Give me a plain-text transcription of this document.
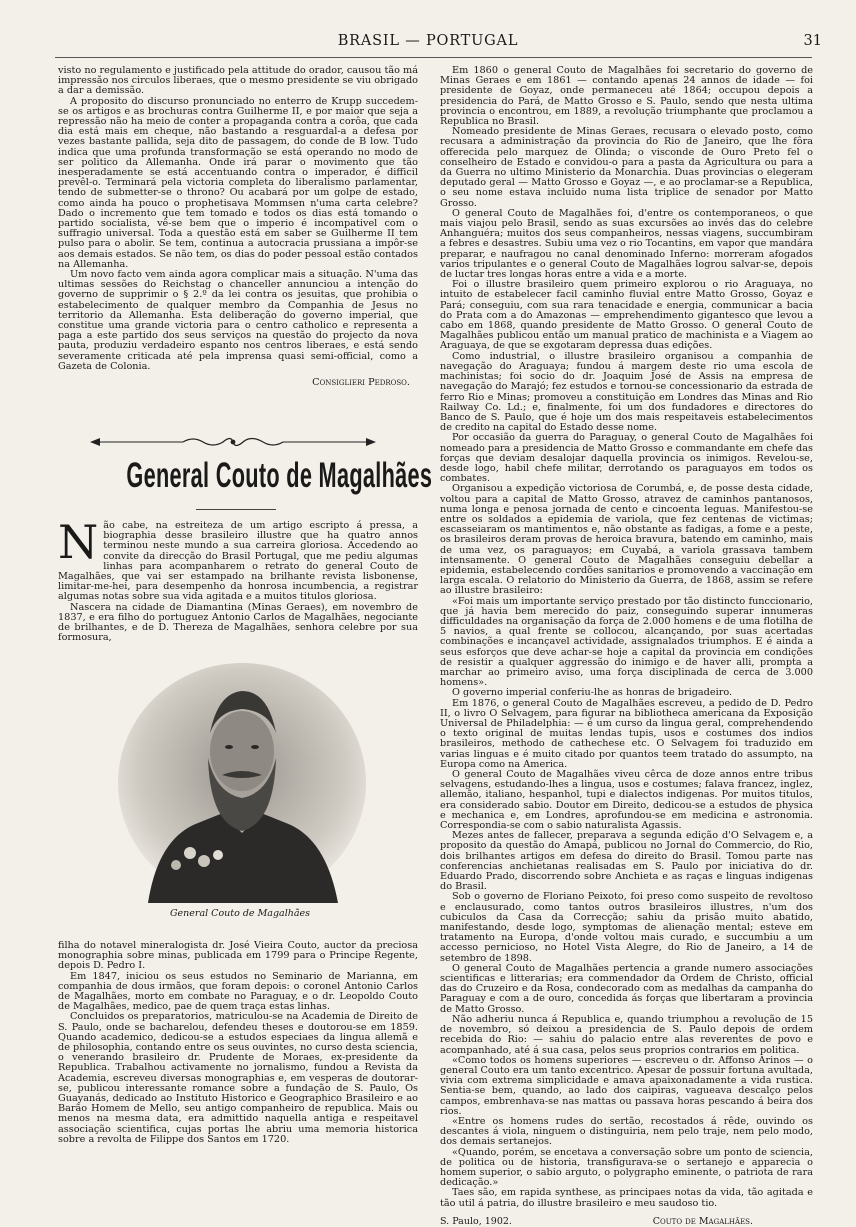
BRASIL — PORTUGAL	31

visto no regulamento e justificado pela attitude do orador, causou tão má impressão nos circulos liberaes, que o mesmo presidente se viu obrigado a dar a demissão.

A proposito do discurso pronunciado no enterro de Krupp succedem-se os artigos e as brochuras contra Guilherme II, e por maior que seja a repressão não ha meio de conter a propaganda contra a corôa, que cada dia está mais em cheque, não bastando a resguardal-a a defesa por vezes bastante pallida, seja dito de passagem, do conde de B low. Tudo indica que uma profunda transformação se está operando no modo de ser politico da Allemanha. Onde irá parar o movimento que tão inesperadamente se está accentuando contra o imperador, é difficil prevêl-o. Terminará pela victoria completa do liberalismo parlamentar, tendo de submetter-se o throno? Ou acabará por um golpe de estado, como ainda ha pouco o prophetisava Mommsen n'uma carta celebre? Dado o incremento que tem tomado e todos os dias está tomando o partido socialista, vê-se bem que o imperio é incompativel com o suffragio universal. Toda a questão está em saber se Guilherme II tem pulso para o abolir. Se tem, continua a autocracia prussiana a impôr-se aos demais estados. Se não tem, os dias do poder pessoal estão contados na Allemanha.

Um novo facto vem ainda agora complicar mais a situação. N'uma das ultimas sessões do Reichstag o chanceller annunciou a intenção do governo de supprimir o § 2.º da lei contra os jesuitas, que prohibia o estabelecimento de qualquer membro da Companhia de Jesus no territorio da Allemanha. Esta deliberação do governo imperial, que constitue uma grande victoria para o centro catholico e representa a paga a este partido dos seus serviços na questão do projecto da nova pauta, produziu verdadeiro espanto nos centros liberaes, e está sendo severamente criticada até pela imprensa quasi semi-official, como a Gazeta de Colonia.

Consiglieri Pedroso.
General Couto de Magalhães

Não cabe, na estreiteza de um artigo escripto á pressa, a biographia desse brasileiro illustre que ha quatro annos terminou neste mundo a sua carreira gloriosa. Accedendo ao convite da direcção do Brasil Portugal, que me pediu algumas linhas para acompanharem o retrato do general Couto de Magalhães, que vai ser estampado na brilhante revista lisbonense, limitar-me-hei, para desempenho da honrosa incumbencia, a registrar algumas notas sobre sua vida agitada e a muitos titulos gloriosa.

Nascera na cidade de Diamantina (Minas Geraes), em novembro de 1837, e era filho do portuguez Antonio Carlos de Magalhães, negociante de brilhantes, e de D. Thereza de Magalhães, senhora celebre por sua formosura,

General Couto de Magalhães

filha do notavel mineralogista dr. José Vieira Couto, auctor da preciosa monographia sobre minas, publicada em 1799 para o Principe Regente, depois D. Pedro I.

Em 1847, iniciou os seus estudos no Seminario de Marianna, em companhia de dous irmãos, que foram depois: o coronel Antonio Carlos de Magalhães, morto em combate no Paraguay, e o dr. Leopoldo Couto de Magalhães, medico, pae de quem traça estas linhas.

Concluidos os preparatorios, matriculou-se na Academia de Direito de S. Paulo, onde se bacharelou, defendeu theses e doutorou-se em 1859. Quando academico, dedicou-se a estudos especiaes da lingua allemã e de philosophia, contando entre os seus ouvintes, no curso desta sciencia, o venerando brasileiro dr. Prudente de Moraes, ex-presidente da Republica. Trabalhou activamente no jornalismo, fundou a Revista da Academia, escreveu diversas monographias e, em vesperas de doutorar-se, publicou interessante romance sobre a fundação de S. Paulo, Os Guayanás, dedicado ao Instituto Historico e Geographico Brasileiro e ao Barão Homem de Mello, seu antigo companheiro de republica. Mais ou menos na mesma data, era admittido naquella antiga e respeitavel associação scientifica, cujas portas lhe abriu uma memoria historica sobre a revolta de Filippe dos Santos em 1720.

Em 1860 o general Couto de Magalhães foi secretario do governo de Minas Geraes e em 1861 — contando apenas 24 annos de idade — foi presidente de Goyaz, onde permaneceu até 1864; occupou depois a presidencia do Pará, de Matto Grosso e S. Paulo, sendo que nesta ultima provincia o encontrou, em 1889, a revolução triumphante que proclamou a Republica no Brasil.

Nomeado presidente de Minas Geraes, recusara o elevado posto, como recusara a administração da provincia do Rio de Janeiro, que lhe fôra offerecida pelo marquez de Olinda; o visconde de Ouro Preto fel o conselheiro de Estado e convidou-o para a pasta da Agricultura ou para a da Guerra no ultimo Ministerio da Monarchia. Duas provincias o elegeram deputado geral — Matto Grosso e Goyaz —, e ao proclamar-se a Republica, o seu nome estava incluido numa lista triplice de senador por Matto Grosso.

O general Couto de Magalhães foi, d'entre os contemporaneos, o que mais viajou pelo Brasil, sendo as suas excursões ao invés das do celebre Anhanguéra; muitos dos seus companheiros, nessas viagens, succumbiram a febres e desastres. Subiu uma vez o rio Tocantins, em vapor que mandára preparar, e naufragou no canal denominado Inferno: morreram afogados varios tripulantes e o general Couto de Magalhães logrou salvar-se, depois de luctar tres longas horas entre a vida e a morte.

Foi o illustre brasileiro quem primeiro explorou o rio Araguaya, no intuito de estabelecer facil caminho fluvial entre Matto Grosso, Goyaz e Pará; conseguiu, com sua rara tenacidade e energia, communicar a bacia do Prata com a do Amazonas — emprehendimento gigantesco que levou a cabo em 1868, quando presidente de Matto Grosso. O general Couto de Magalhães publicou então um manual pratico de machinista e a Viagem ao Araguaya, de que se exgotaram depressa duas edições.

Como industrial, o illustre brasileiro organisou a companhia de navegação do Araguaya; fundou á margem deste rio uma escola de machinistas; foi socio do dr. Joaquim José de Assis na empresa de navegação do Marajó; fez estudos e tornou-se concessionario da estrada de ferro Rio e Minas; promoveu a constituição em Londres das Minas and Rio Railway Co. Ld.; e, finalmente, foi um dos fundadores e directores do Banco de S. Paulo, que é hoje um dos mais respeitaveis estabelecimentos de credito na capital do Estado desse nome.

Por occasião da guerra do Paraguay, o general Couto de Magalhães foi nomeado para a presidencia de Matto Grosso e commandante em chefe das forças que deviam desalojar daquella provincia os inimigos. Revelou-se, desde logo, habil chefe militar, derrotando os paraguayos em todos os combates.

Organisou a expedição victoriosa de Corumbá, e, de posse desta cidade, voltou para a capital de Matto Grosso, atravez de caminhos pantanosos, numa longa e penosa jornada de cento e cincoenta leguas. Manifestou-se entre os soldados a epidemia de variola, que fez centenas de victimas; escasseiaram os mantimentos e, não obstante as fadigas, a fome e a peste, os brasileiros deram provas de heroica bravura, batendo em caminho, mais de uma vez, os paraguayos; em Cuyabá, a variola grassava tambem intensamente. O general Couto de Magalhães conseguiu debellar a epidemia, estabelecendo cordões sanitarios e promovendo a vaccinação em larga escala. O relatorio do Ministerio da Guerra, de 1868, assim se refere ao illustre brasileiro:

«Foi mais um importante serviço prestado por tão distincto funccionario, que já havia bem merecido do paiz, conseguindo superar innumeras difficuldades na organisação da força de 2.000 homens e de uma flotilha de 5 navios, a qual frente se collocou, alcançando, por suas acertadas combinações e incançavel actividade, assignalados triumphos. E é ainda a seus esforços que deve achar-se hoje a capital da provincia em condições de resistir a qualquer aggressão do inimigo e de haver alli, prompta a marchar ao primeiro aviso, uma força disciplinada de cerca de 3.000 homens».

O governo imperial conferiu-lhe as honras de brigadeiro.

Em 1876, o general Couto de Magalhães escreveu, a pedido de D. Pedro II, o livro O Selvagem, para figurar na bibliotheca americana da Exposição Universal de Philadelphia: — é um curso da lingua geral, comprehendendo o texto original de muitas lendas tupis, usos e costumes dos indios brasileiros, methodo de cathechese etc. O Selvagem foi traduzido em varias linguas e é muito citado por quantos teem tratado do assumpto, na Europa como na America.

O general Couto de Magalhães viveu cêrca de doze annos entre tribus selvagens, estudando-lhes a lingua, usos e costumes; falava francez, inglez, allemão, italiano, hespanhol, tupi e dialectos indigenas. Por muitos titulos, era considerado sabio. Doutor em Direito, dedicou-se a estudos de physica e mechanica e, em Londres, aprofundou-se em medicina e astronomia. Correspondia-se com o sabio naturalista Agassis.

Mezes antes de fallecer, preparava a segunda edição d'O Selvagem e, a proposito da questão do Amapá, publicou no Jornal do Commercio, do Rio, dois brilhantes artigos em defesa do direito do Brasil. Tomou parte nas conferencias anchietanas realisadas em S. Paulo por iniciativa do dr. Eduardo Prado, discorrendo sobre Anchieta e as raças e linguas indigenas do Brasil.

Sob o governo de Floriano Peixoto, foi preso como suspeito de revoltoso e enclausurado, como tantos outros brasileiros illustres, n'um dos cubiculos da Casa da Correcção; sahiu da prisão muito abatido, manifestando, desde logo, symptomas de alienação mental; esteve em tratamento na Europa, d'onde voltou mais curado, e succumbiu a um accesso pernicioso, no Hotel Vista Alegre, do Rio de Janeiro, a 14 de setembro de 1898.

O general Couto de Magalhães pertencia a grande numero associações scientificas e litterarias; era commendador da Ordem de Christo, official das do Cruzeiro e da Rosa, condecorado com as medalhas da campanha do Paraguay e com a de ouro, concedida ás forças que libertaram a provincia de Matto Grosso.

Não adheriu nunca á Republica e, quando triumphou a revolução de 15 de novembro, só deixou a presidencia de S. Paulo depois de ordem recebida do Rio: — sahiu do palacio entre alas reverentes de povo e acompanhado, até á sua casa, pelos seus proprios contrarios em politica.

«Como todos os homens superiores — escreveu o dr. Affonso Arinos — o general Couto era um tanto excentrico. Apesar de possuir fortuna avultada, vivia com extrema simplicidade e amava apaixonadamente a vida rustica. Sentia-se bem, quando, ao lado dos caipiras, vagueava descalço pelos campos, embrenhava-se nas mattas ou passava horas pescando á beira dos rios.

«Entre os homens rudes do sertão, recostados á rêde, ouvindo os descantes á viola, ninguem o distinguiria, nem pelo traje, nem pelo modo, dos demais sertanejos.

«Quando, porém, se encetava a conversação sobre um ponto de sciencia, de politica ou de historia, transfigurava-se o sertanejo e apparecia o homem superior, o sabio arguto, o polygrapho eminente, o patriota de rara dedicação.»

Taes são, em rapida synthese, as principaes notas da vida, tão agitada e tão util á patria, do illustre brasileiro e meu saudoso tio.

S. Paulo, 1902.	Couto de Magalhães.
